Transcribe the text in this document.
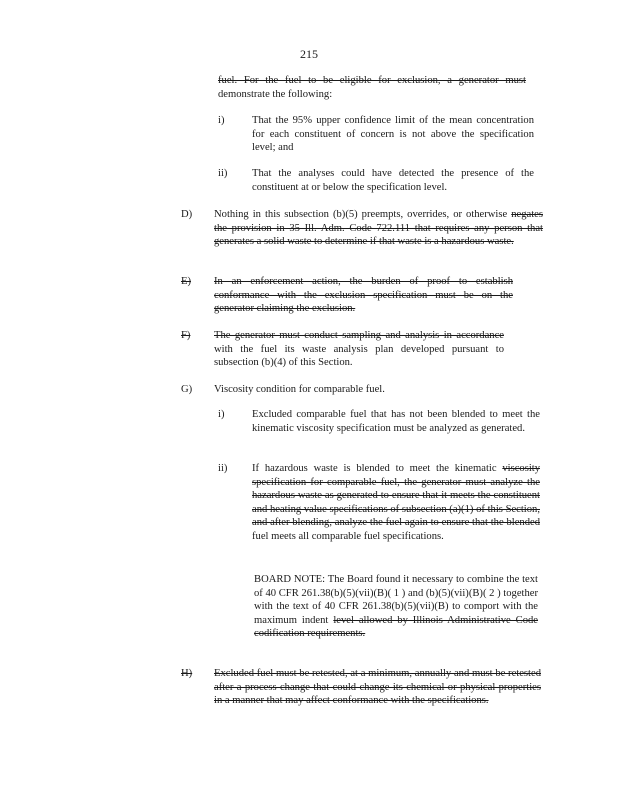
215
fuel. For the fuel to be eligible for exclusion, a generator must demonstrate the following:
i)	That the 95% upper confidence limit of the mean concentration for each constituent of concern is not above the specification level; and
ii) That the analyses could have detected the presence of the constituent at or below the specification level.
D) Nothing in this subsection (b)(5) preempts, overrides, or otherwise negates the provision in 35 Ill. Adm. Code 722.111 that requires any person that generates a solid waste to determine if that waste is a hazardous waste.
E) In an enforcement action, the burden of proof to establish conformance with the exclusion specification must be on the generator claiming the exclusion.
F) The generator must conduct sampling and analysis in accordance with the fuel its waste analysis plan developed pursuant to subsection (b)(4) of this Section.
G) Viscosity condition for comparable fuel.
i)	Excluded comparable fuel that has not been blended to meet the kinematic viscosity specification must be analyzed as generated.
ii) If hazardous waste is blended to meet the kinematic viscosity specification for comparable fuel, the generator must analyze the hazardous waste as generated to ensure that it meets the constituent and heating value specifications of subsection (a)(1) of this Section, and after blending, analyze the fuel again to ensure that the blended fuel meets all comparable fuel specifications.
BOARD NOTE: The Board found it necessary to combine the text of 40 CFR 261.38(b)(5)(vii)(B)( 1 ) and (b)(5)(vii)(B)( 2 ) together with the text of 40 CFR 261.38(b)(5)(vii)(B) to comport with the maximum indent level allowed by Illinois Administrative Code codification requirements.
H) Excluded fuel must be retested, at a minimum, annually and must be retested after a process change that could change its chemical or physical properties in a manner that may affect conformance with the specifications.
